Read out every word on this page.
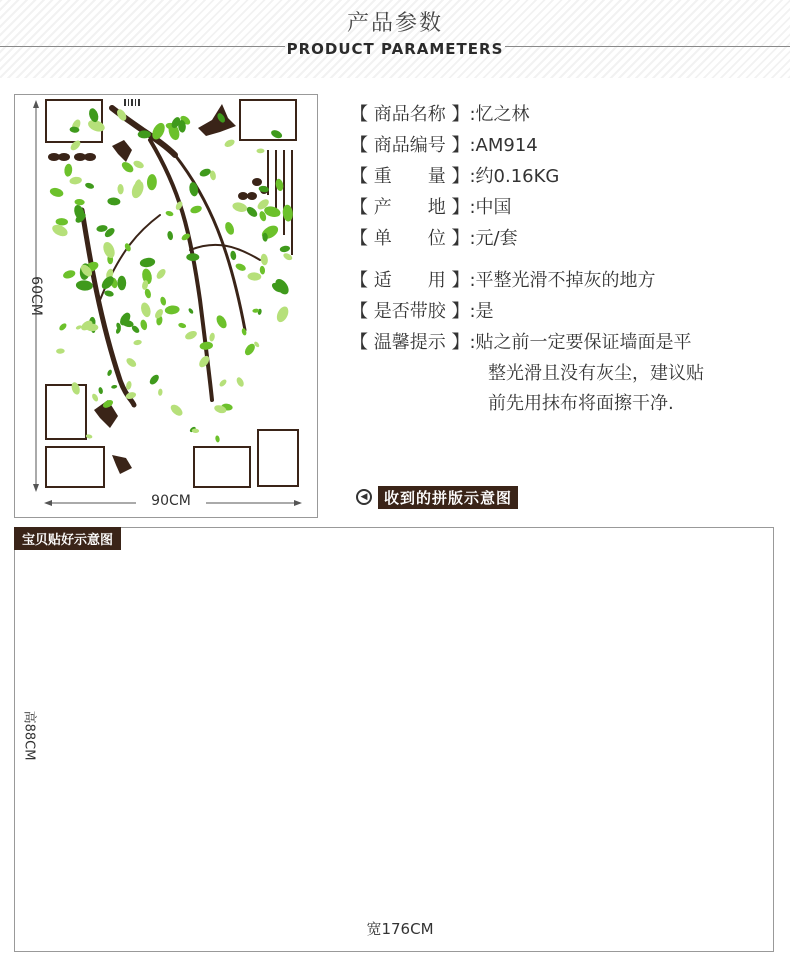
产品参数
PRODUCT PARAMETERS
60CM
90CM
【 商品名称 】:忆之林
【 商品编号 】:AM914
【 重　　量 】:约0.16KG
【 产　　地 】:中国
【 单　　位 】:元/套
【 适　　用 】:平整光滑不掉灰的地方
【 是否带胶 】:是
【 温馨提示 】:贴之前一定要保证墙面是平
整光滑且没有灰尘，建议贴
前先用抹布将面擦干净.
◀	收到的拼版示意图
宝贝贴好示意图
高88CM
宽176CM
